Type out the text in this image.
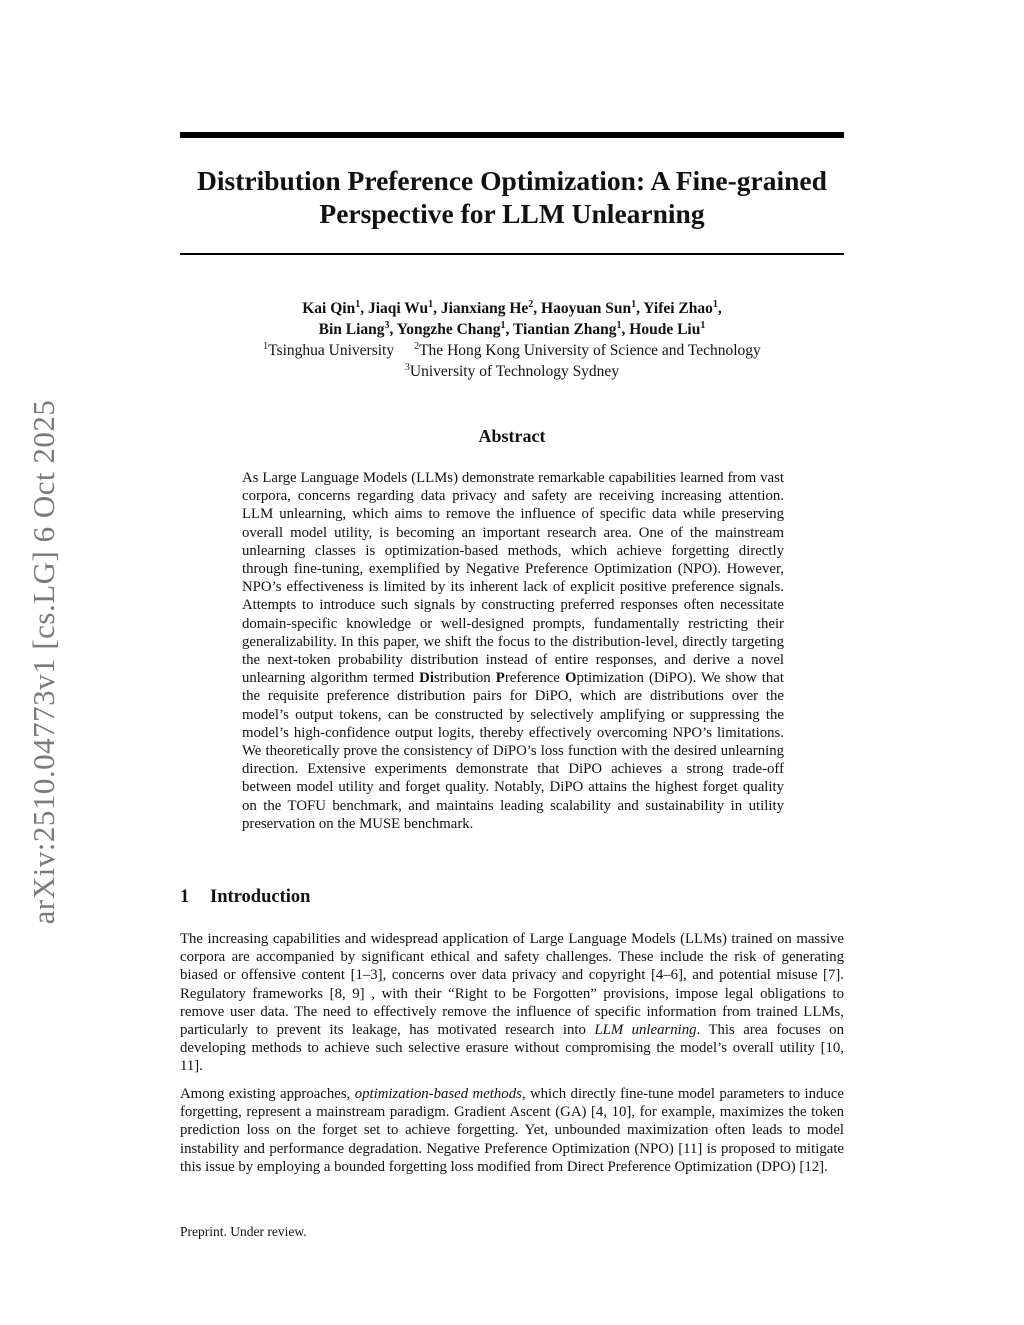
arXiv:2510.04773v1 [cs.LG] 6 Oct 2025
Distribution Preference Optimization: A Fine-grained Perspective for LLM Unlearning
Kai Qin$^1$, Jiaqi Wu$^1$, Jianxiang He$^2$, Haoyuan Sun$^1$, Yifei Zhao$^1$,
Bin Liang$^3$, Yongzhe Chang$^1$, Tiantian Zhang$^1$, Houde Liu$^1$
$^1$Tsinghua University $^2$The Hong Kong University of Science and Technology
$^3$University of Technology Sydney
Abstract

As Large Language Models (LLMs) demonstrate remarkable capabilities learned from vast corpora, concerns regarding data privacy and safety are receiving increasing attention. LLM unlearning, which aims to remove the influence of specific data while preserving overall model utility, is becoming an important research area. One of the mainstream unlearning classes is optimization-based methods, which achieve forgetting directly through fine-tuning, exemplified by Negative Preference Optimization (NPO). However, NPO’s effectiveness is limited by its inherent lack of explicit positive preference signals. Attempts to introduce such signals by constructing preferred responses often necessitate domain-specific knowledge or well-designed prompts, fundamentally restricting their generalizability. In this paper, we shift the focus to the distribution-level, directly targeting the next-token probability distribution instead of entire responses, and derive a novel unlearning algorithm termed Distribution Preference Optimization (DiPO). We show that the requisite preference distribution pairs for DiPO, which are distributions over the model’s output tokens, can be constructed by selectively amplifying or suppressing the model’s high-confidence output logits, thereby effectively overcoming NPO’s limitations. We theoretically prove the consistency of DiPO’s loss function with the desired unlearning direction. Extensive experiments demonstrate that DiPO achieves a strong trade-off between model utility and forget quality. Notably, DiPO attains the highest forget quality on the TOFU benchmark, and maintains leading scalability and sustainability in utility preservation on the MUSE benchmark.

1 Introduction

The increasing capabilities and widespread application of Large Language Models (LLMs) trained on massive corpora are accompanied by significant ethical and safety challenges. These include the risk of generating biased or offensive content [1–3], concerns over data privacy and copyright [4–6], and potential misuse [7]. Regulatory frameworks [8, 9] , with their “Right to be Forgotten” provisions, impose legal obligations to remove user data. The need to effectively remove the influence of specific information from trained LLMs, particularly to prevent its leakage, has motivated research into LLM unlearning. This area focuses on developing methods to achieve such selective erasure without compromising the model’s overall utility [10, 11].

Among existing approaches, optimization-based methods, which directly fine-tune model parameters to induce forgetting, represent a mainstream paradigm. Gradient Ascent (GA) [4, 10], for example, maximizes the token prediction loss on the forget set to achieve forgetting. Yet, unbounded maximization often leads to model instability and performance degradation. Negative Preference Optimization (NPO) [11] is proposed to mitigate this issue by employing a bounded forgetting loss modified from Direct Preference Optimization (DPO) [12].

Preprint. Under review.
